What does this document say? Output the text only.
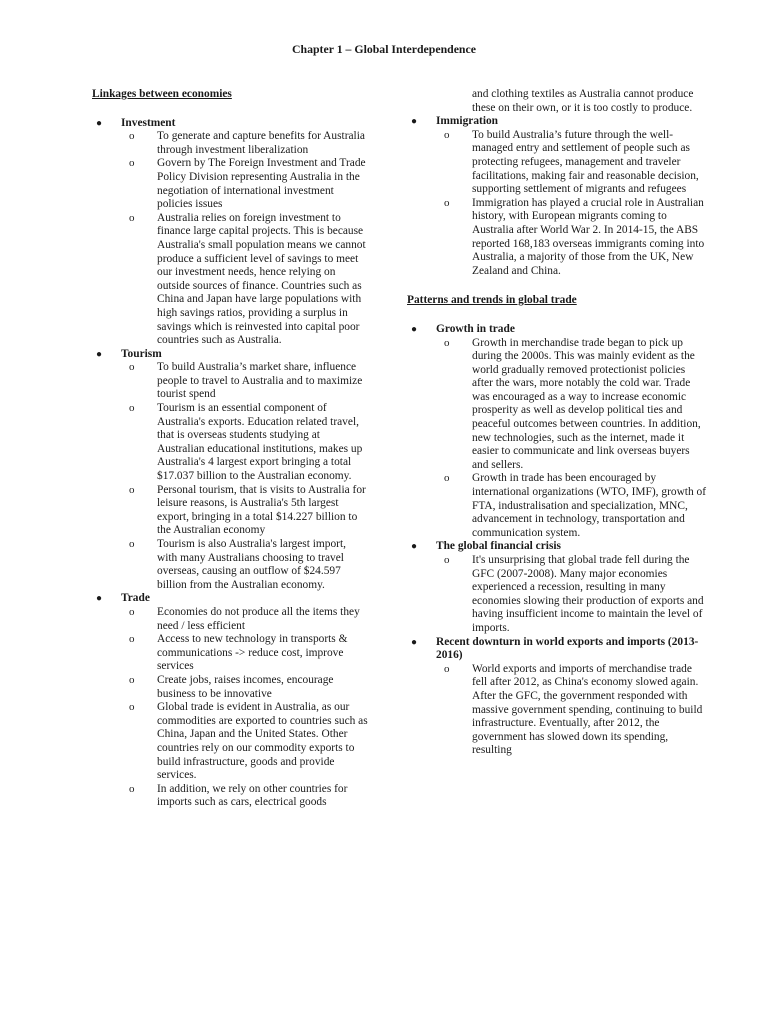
Chapter 1 – Global Interdependence
Linkages between economies
● Investment
o To generate and capture benefits for Australia through investment liberalization
o Govern by The Foreign Investment and Trade Policy Division representing Australia in the negotiation of international investment policies issues
o Australia relies on foreign investment to finance large capital projects. This is because Australia's small population means we cannot produce a sufficient level of savings to meet our investment needs, hence relying on outside sources of finance. Countries such as China and Japan have large populations with high savings ratios, providing a surplus in savings which is reinvested into capital poor countries such as Australia.
● Tourism
o To build Australia’s market share, influence people to travel to Australia and to maximize tourist spend
o Tourism is an essential component of Australia's exports. Education related travel, that is overseas students studying at Australian educational institutions, makes up Australia's 4 largest export bringing a total $17.037 billion to the Australian economy.
o Personal tourism, that is visits to Australia for leisure reasons, is Australia's 5th largest export, bringing in a total $14.227 billion to the Australian economy
o Tourism is also Australia's largest import, with many Australians choosing to travel overseas, causing an outflow of $24.597 billion from the Australian economy.
● Trade
o Economies do not produce all the items they need / less efficient
o Access to new technology in transports & communications -> reduce cost, improve services
o Create jobs, raises incomes, encourage business to be innovative
o Global trade is evident in Australia, as our commodities are exported to countries such as China, Japan and the United States. Other countries rely on our commodity exports to build infrastructure, goods and provide services.
o In addition, we rely on other countries for imports such as cars, electrical goods
and clothing textiles as Australia cannot produce these on their own, or it is too costly to produce.
● Immigration
o To build Australia’s future through the well-managed entry and settlement of people such as protecting refugees, management and traveler facilitations, making fair and reasonable decision, supporting settlement of migrants and refugees
o Immigration has played a crucial role in Australian history, with European migrants coming to Australia after World War 2. In 2014-15, the ABS reported 168,183 overseas immigrants coming into Australia, a majority of those from the UK, New Zealand and China.
Patterns and trends in global trade
● Growth in trade
o Growth in merchandise trade began to pick up during the 2000s. This was mainly evident as the world gradually removed protectionist policies after the wars, more notably the cold war. Trade was encouraged as a way to increase economic prosperity as well as develop political ties and peaceful outcomes between countries. In addition, new technologies, such as the internet, made it easier to communicate and link overseas buyers and sellers.
o Growth in trade has been encouraged by international organizations (WTO, IMF), growth of FTA, industralisation and specialization, MNC, advancement in technology, transportation and communication system.
● The global financial crisis
o It's unsurprising that global trade fell during the GFC (2007-2008). Many major economies experienced a recession, resulting in many economies slowing their production of exports and having insufficient income to maintain the level of imports.
● Recent downturn in world exports and imports (2013-2016)
o World exports and imports of merchandise trade fell after 2012, as China's economy slowed again. After the GFC, the government responded with massive government spending, continuing to build infrastructure. Eventually, after 2012, the government has slowed down its spending, resulting
